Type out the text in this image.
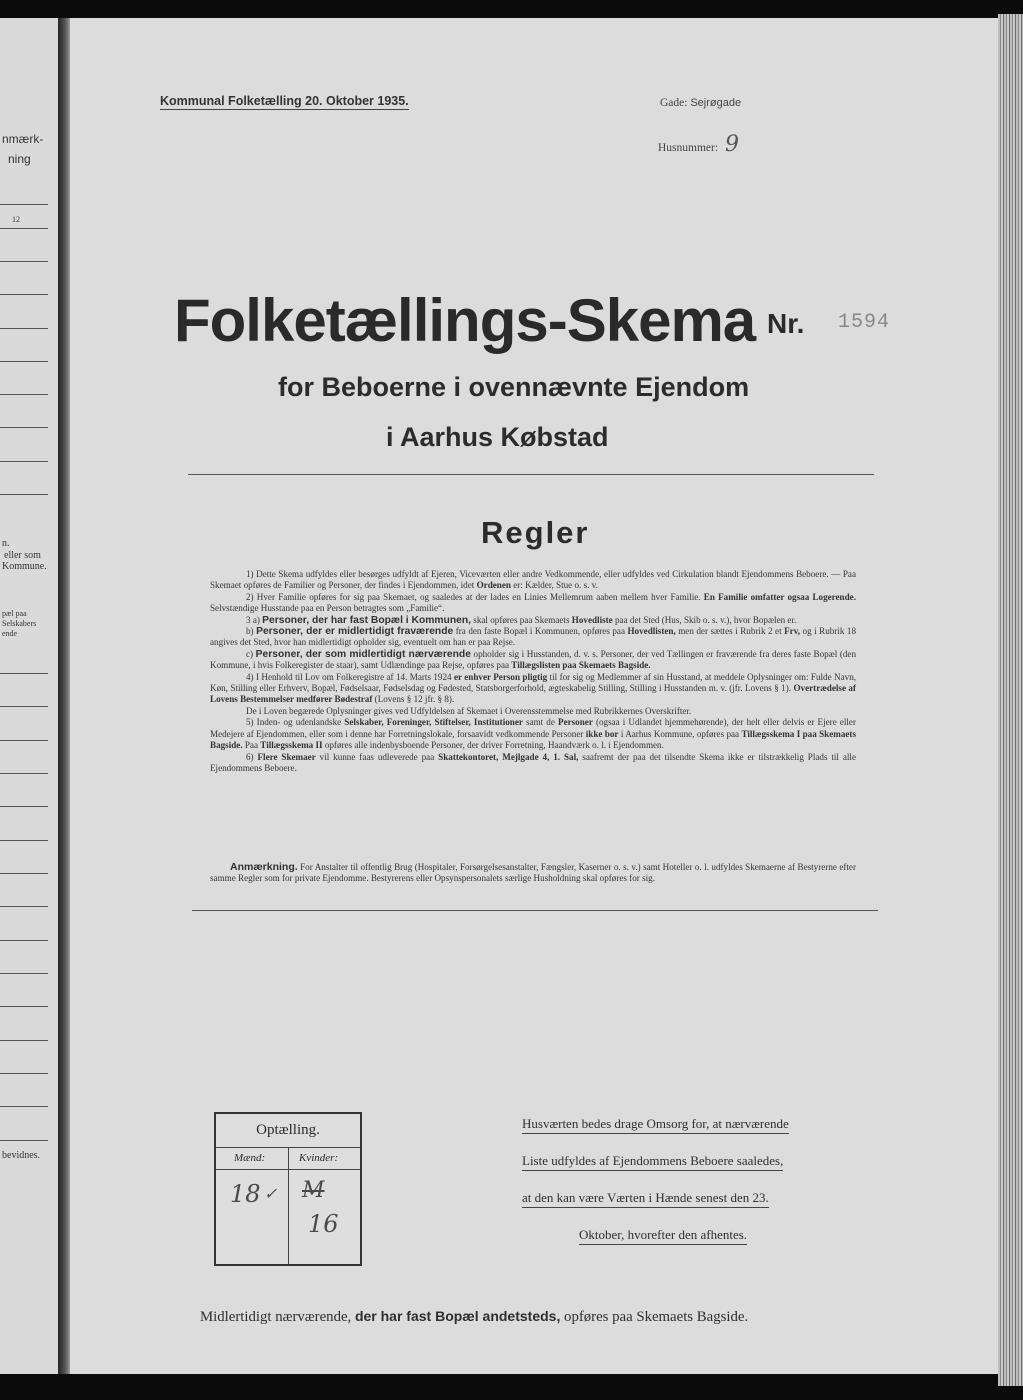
nmærk-
ning
12
n.
eller som
Kommune.
pæl paa
Selskabers
ende
bevidnes.
Kommunal Folketælling 20. Oktober 1935.	Gade: Sejrøgade
Husnummer: 9
Folketællings-Skema Nr. 1594
for Beboerne i ovennævnte Ejendom
i Aarhus Købstad
Regler

1) Dette Skema udfyldes eller besørges udfyldt af Ejeren, Viceværten eller andre Vedkommende, eller udfyldes ved Cirkulation blandt Ejendommens Beboere. — Paa Skemaet opføres de Familier og Personer, der findes i Ejendommen, idet Ordenen er: Kælder, Stue o. s. v.

2) Hver Familie opføres for sig paa Skemaet, og saaledes at der lades en Linies Mellemrum aaben mellem hver Familie. En Familie omfatter ogsaa Logerende. Selvstændige Husstande paa en Person betragtes som „Familie“.

3 a) Personer, der har fast Bopæl i Kommunen, skal opføres paa Skemaets Hovedliste paa det Sted (Hus, Skib o. s. v.), hvor Bopælen er.

b) Personer, der er midlertidigt fraværende fra den faste Bopæl i Kommunen, opføres paa Hovedlisten, men der sættes i Rubrik 2 et Frv, og i Rubrik 18 angives det Sted, hvor han midlertidigt opholder sig, eventuelt om han er paa Rejse.

c) Personer, der som midlertidigt nærværende opholder sig i Husstanden, d. v. s. Personer, der ved Tællingen er fraværende fra deres faste Bopæl (den Kommune, i hvis Folkeregister de staar), samt Udlændinge paa Rejse, opføres paa Tillægslisten paa Skemaets Bagside.

4) I Henhold til Lov om Folkeregistre af 14. Marts 1924 er enhver Person pligtig til for sig og Medlemmer af sin Husstand, at meddele Oplysninger om: Fulde Navn, Køn, Stilling eller Erhverv, Bopæl, Fødselsaar, Fødselsdag og Fødested, Statsborgerforhold, ægteskabelig Stilling, Stilling i Husstanden m. v. (jfr. Lovens § 1). Overtrædelse af Lovens Bestemmelser medfører Bødestraf (Lovens § 12 jfr. § 8).

De i Loven begærede Oplysninger gives ved Udfyldelsen af Skemaet i Overensstemmelse med Rubrikkernes Overskrifter.

5) Inden- og udenlandske Selskaber, Foreninger, Stiftelser, Institutioner samt de Personer (ogsaa i Udlandet hjemmehørende), der helt eller delvis er Ejere eller Medejere af Ejendommen, eller som i denne har Forretningslokale, forsaavidt vedkommende Personer ikke bor i Aarhus Kommune, opføres paa Tillægsskema I paa Skemaets Bagside. Paa Tillægsskema II opføres alle indenbysboende Personer, der driver Forretning, Haandværk o. l. i Ejendommen.

6) Flere Skemaer vil kunne faas udleverede paa Skattekontoret, Mejlgade 4, 1. Sal, saafremt der paa det tilsendte Skema ikke er tilstrækkelig Plads til alle Ejendommens Beboere.

Anmærkning. For Anstalter til offentlig Brug (Hospitaler, Forsørgelsesanstalter, Fængsler, Kaserner o. s. v.) samt Hoteller o. l. udfyldes Skemaerne af Bestyrerne efter samme Regler som for private Ejendomme. Bestyrerens eller Opsynspersonalets særlige Husholdning skal opføres for sig.

Optælling.
Mænd:	Kvinder:
18 ✓ M
16
Husværten bedes drage Omsorg for, at nærværende
Liste udfyldes af Ejendommens Beboere saaledes,
at den kan være Værten i Hænde senest den 23.
Oktober, hvorefter den afhentes.
Midlertidigt nærværende, der har fast Bopæl andetsteds, opføres paa Skemaets Bagside.
